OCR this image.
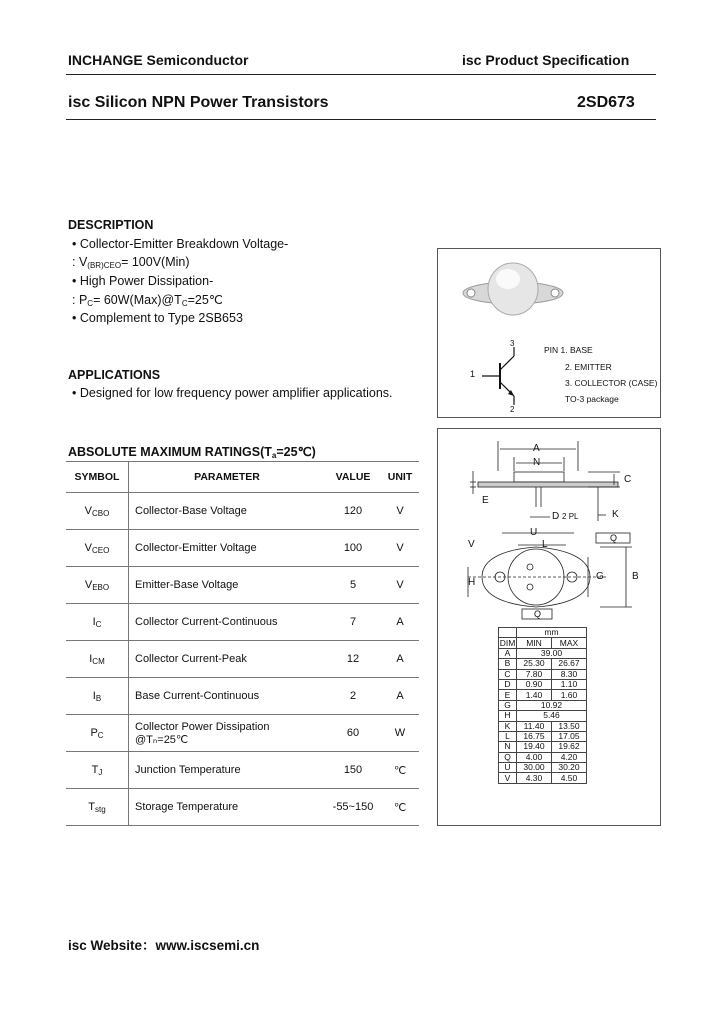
INCHANGE Semiconductor	isc Product Specification
isc Silicon NPN Power Transistors	2SD673
DESCRIPTION
• Collector-Emitter Breakdown Voltage-
: $V_{(BR)CEO}= 100V(Min)$
• High Power Dissipation-
: $P_C=$ $60W(Max)@T_C=25℃$
• Complement to Type 2SB653
APPLICATIONS
• Designed for low frequency power amplifier applications.
ABSOLUTE MAXIMUM $RATINGS(T_a=25℃)$
SYMBOL	PARAMETER	VALUE	UNIT
$V_{CBO}$	Collector-Base Voltage	120	V
$V_{CEO}$	Collector-Emitter Voltage	100	V
$V_{EBO}$	Emitter-Base Voltage	5	V
$I_C$	Collector Current-Continuous	7	A
$I_{CM}$	Collector Current-Peak	12	A
$I_B$	Base Current-Continuous	2	A
$P_C$	Collector Power Dissipation
@Tₙ=25℃	60	W
$T_J$	Junction Temperature	150	℃
$T_{stg}$	Storage Temperature	-55~150	℃
3
1
2
PIN 1. BASE
2. EMITTER
3. COLLECTOR (CASE)
TO-3 package
A
N
C
E
D 2 PL	K
U
L
V
Q
G	B
H
Q
	mm	
DIM	MIN	MAX
A	39.00	
B	25.30	26.67
C	7.80	8.30
D	0.90	1.10
E	1.40	1.60
G	10.92	
H	5.46	
K	11.40	13.50
L	16.75	17.05
N	19.40	19.62
Q	4.00	4.20
U	30.00	30.20
V	4.30	4.50
isc Website：www.iscsemi.cn
